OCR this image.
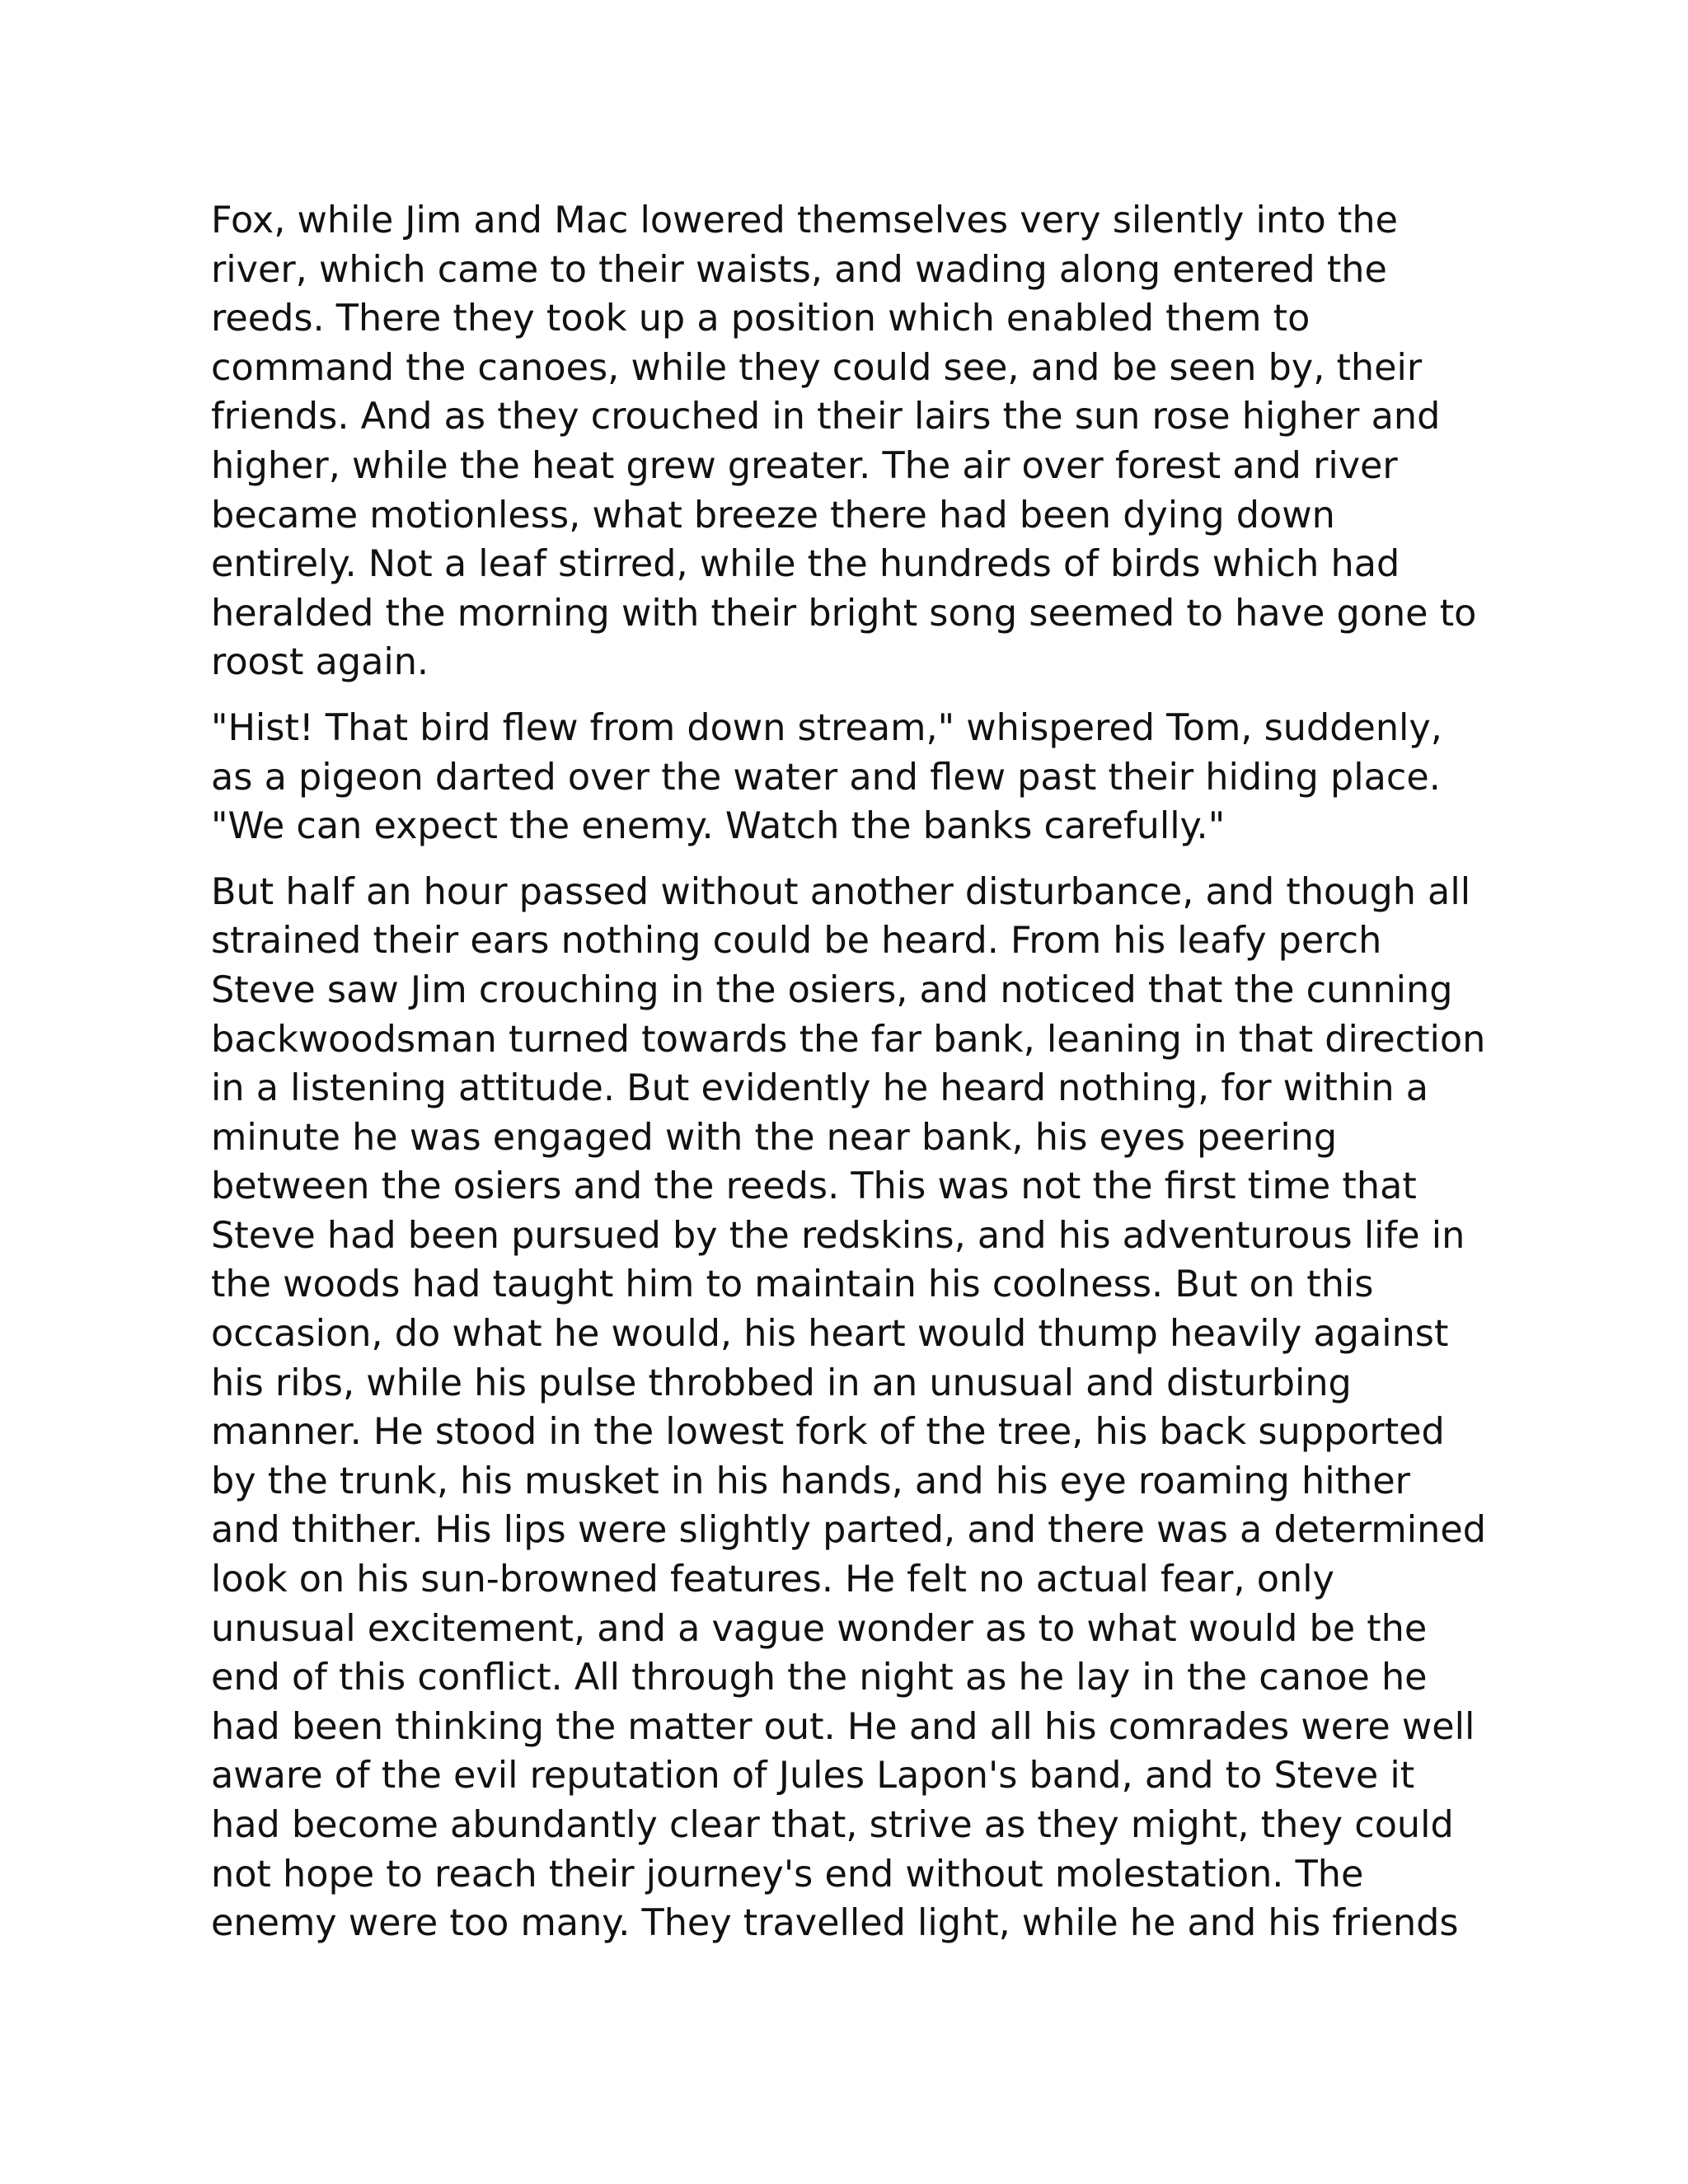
Fox, while Jim and Mac lowered themselves very silently into the
river, which came to their waists, and wading along entered the
reeds. There they took up a position which enabled them to
command the canoes, while they could see, and be seen by, their
friends. And as they crouched in their lairs the sun rose higher and
higher, while the heat grew greater. The air over forest and river
became motionless, what breeze there had been dying down
entirely. Not a leaf stirred, while the hundreds of birds which had
heralded the morning with their bright song seemed to have gone to
roost again.

"Hist! That bird flew from down stream," whispered Tom, suddenly,
as a pigeon darted over the water and flew past their hiding place.
"We can expect the enemy. Watch the banks carefully."

But half an hour passed without another disturbance, and though all
strained their ears nothing could be heard. From his leafy perch
Steve saw Jim crouching in the osiers, and noticed that the cunning
backwoodsman turned towards the far bank, leaning in that direction
in a listening attitude. But evidently he heard nothing, for within a
minute he was engaged with the near bank, his eyes peering
between the osiers and the reeds. This was not the first time that
Steve had been pursued by the redskins, and his adventurous life in
the woods had taught him to maintain his coolness. But on this
occasion, do what he would, his heart would thump heavily against
his ribs, while his pulse throbbed in an unusual and disturbing
manner. He stood in the lowest fork of the tree, his back supported
by the trunk, his musket in his hands, and his eye roaming hither
and thither. His lips were slightly parted, and there was a determined
look on his sun-browned features. He felt no actual fear, only
unusual excitement, and a vague wonder as to what would be the
end of this conflict. All through the night as he lay in the canoe he
had been thinking the matter out. He and all his comrades were well
aware of the evil reputation of Jules Lapon's band, and to Steve it
had become abundantly clear that, strive as they might, they could
not hope to reach their journey's end without molestation. The
enemy were too many. They travelled light, while he and his friends
